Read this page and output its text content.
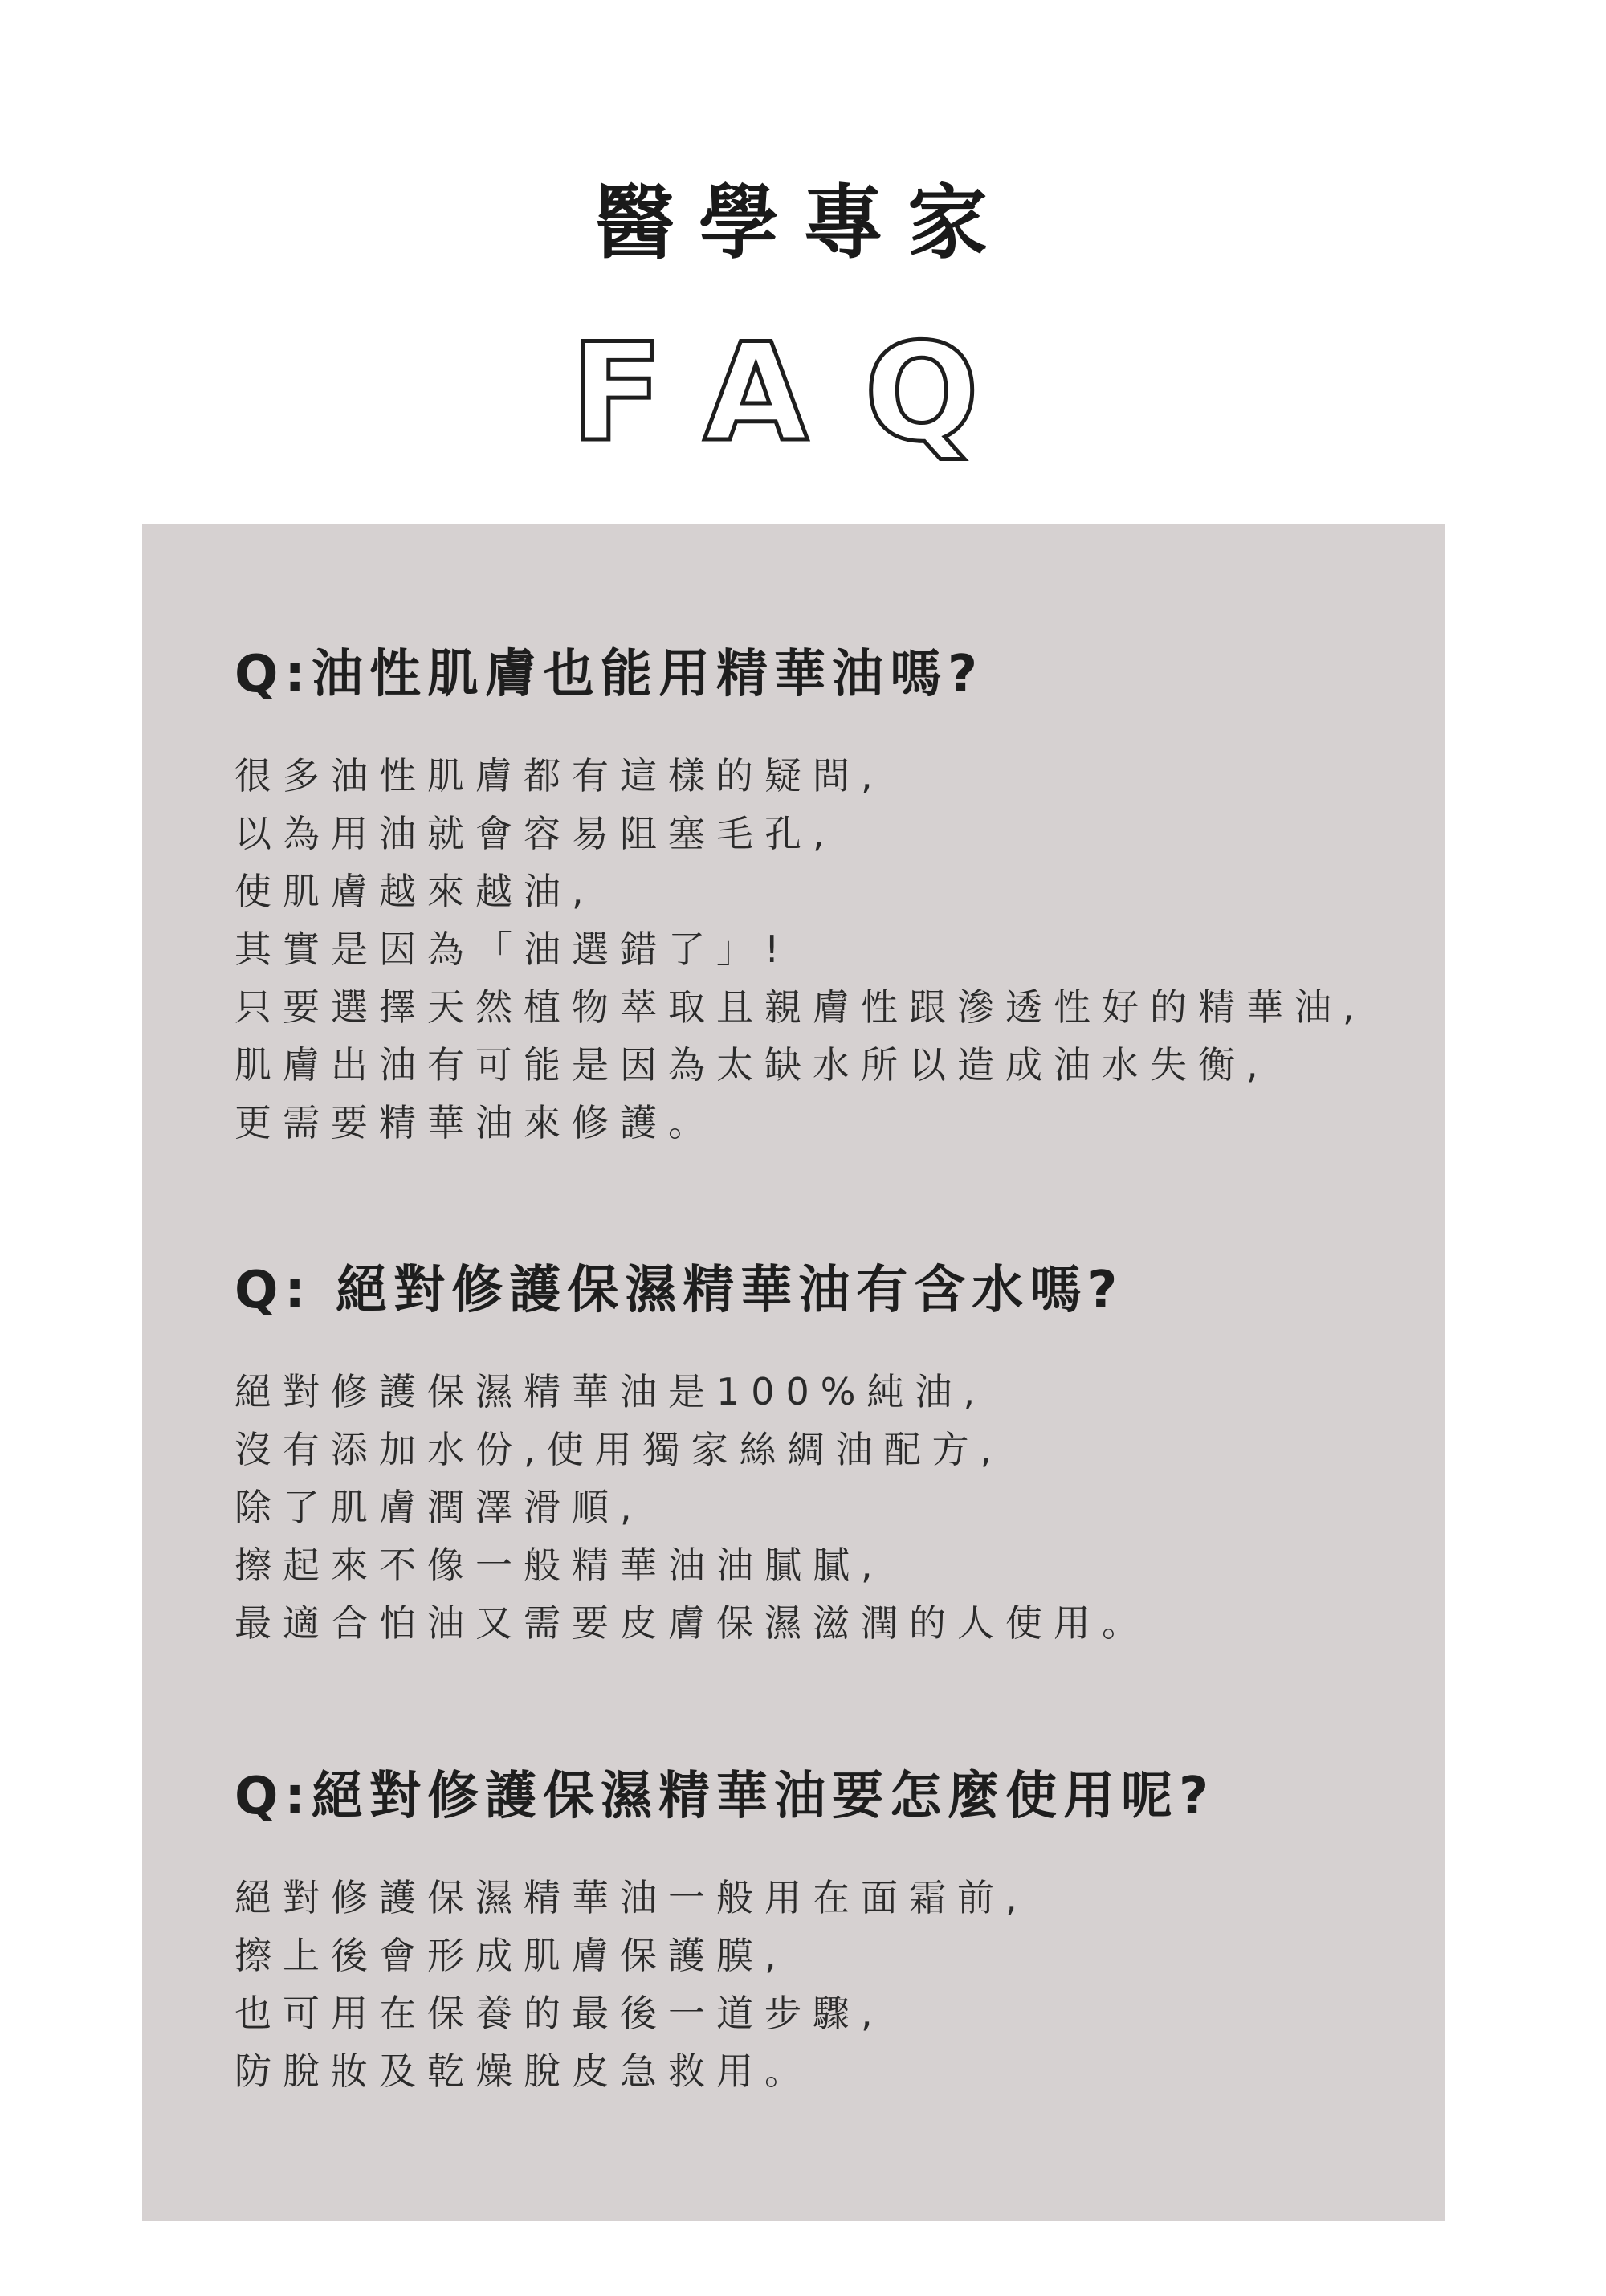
醫學專家
FAQ
Q:油性肌膚也能用精華油嗎?
很多油性肌膚都有這樣的疑問,
以為用油就會容易阻塞毛孔,
使肌膚越來越油,
其實是因為「油選錯了」!
只要選擇天然植物萃取且親膚性跟滲透性好的精華油,
肌膚出油有可能是因為太缺水所以造成油水失衡,
更需要精華油來修護。
Q: 絕對修護保濕精華油有含水嗎?
絕對修護保濕精華油是100%純油,
沒有添加水份,使用獨家絲綢油配方,
除了肌膚潤澤滑順,
擦起來不像一般精華油油膩膩,
最適合怕油又需要皮膚保濕滋潤的人使用。
Q:絕對修護保濕精華油要怎麼使用呢?
絕對修護保濕精華油一般用在面霜前,
擦上後會形成肌膚保護膜,
也可用在保養的最後一道步驟,
防脫妝及乾燥脫皮急救用。
